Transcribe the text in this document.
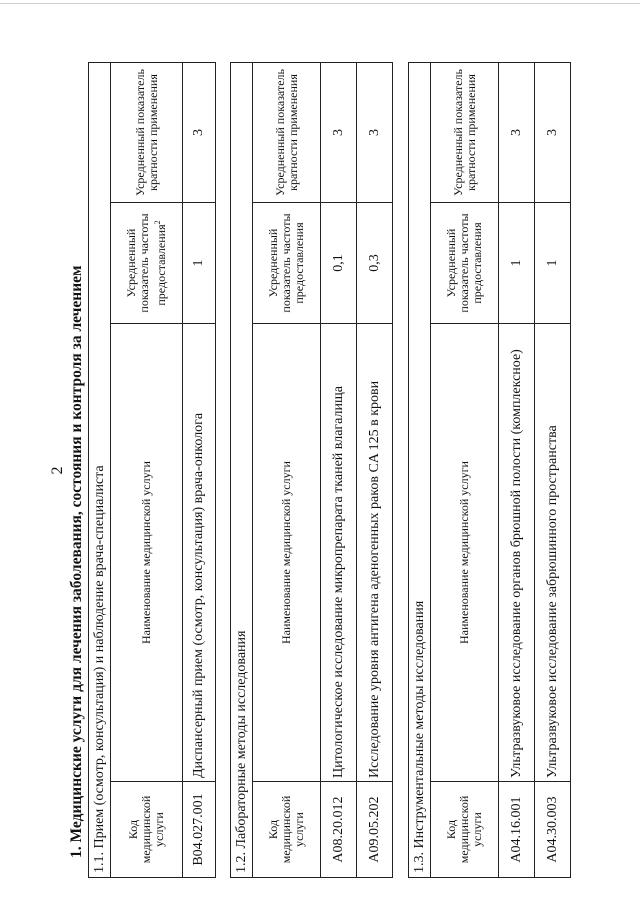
2 1. Медицинские услуги для лечения заболевания, состояния и контроля за лечением 1.1. Прием (осмотр, консультация) и наблюдение врача-специалиста			
Код медицинской услуги	Наименование медицинской услуги	Усредненный показатель частоты предоставления$^2$	Усредненный показатель кратности применения
B04.027.001	Диспансерный прием (осмотр, консультация) врача-онколога	1	3
1.2. Лабораторные методы исследования			
Код медицинской услуги	Наименование медицинской услуги	Усредненный показатель частоты предоставления	Усредненный показатель кратности применения
A08.20.012	Цитологическое исследование микропрепарата тканей влагалища	0,1	3
A09.05.202	Исследование уровня антигена аденогенных раков CA 125 в крови	0,3	3
1.3. Инструментальные методы исследования			
Код медицинской услуги	Наименование медицинской услуги	Усредненный показатель частоты предоставления	Усредненный показатель кратности применения
A04.16.001	Ультразвуковое исследование органов брюшной полости (комплексное)	1	3
A04.30.003	Ультразвуковое исследование забрюшинного пространства	1	3
